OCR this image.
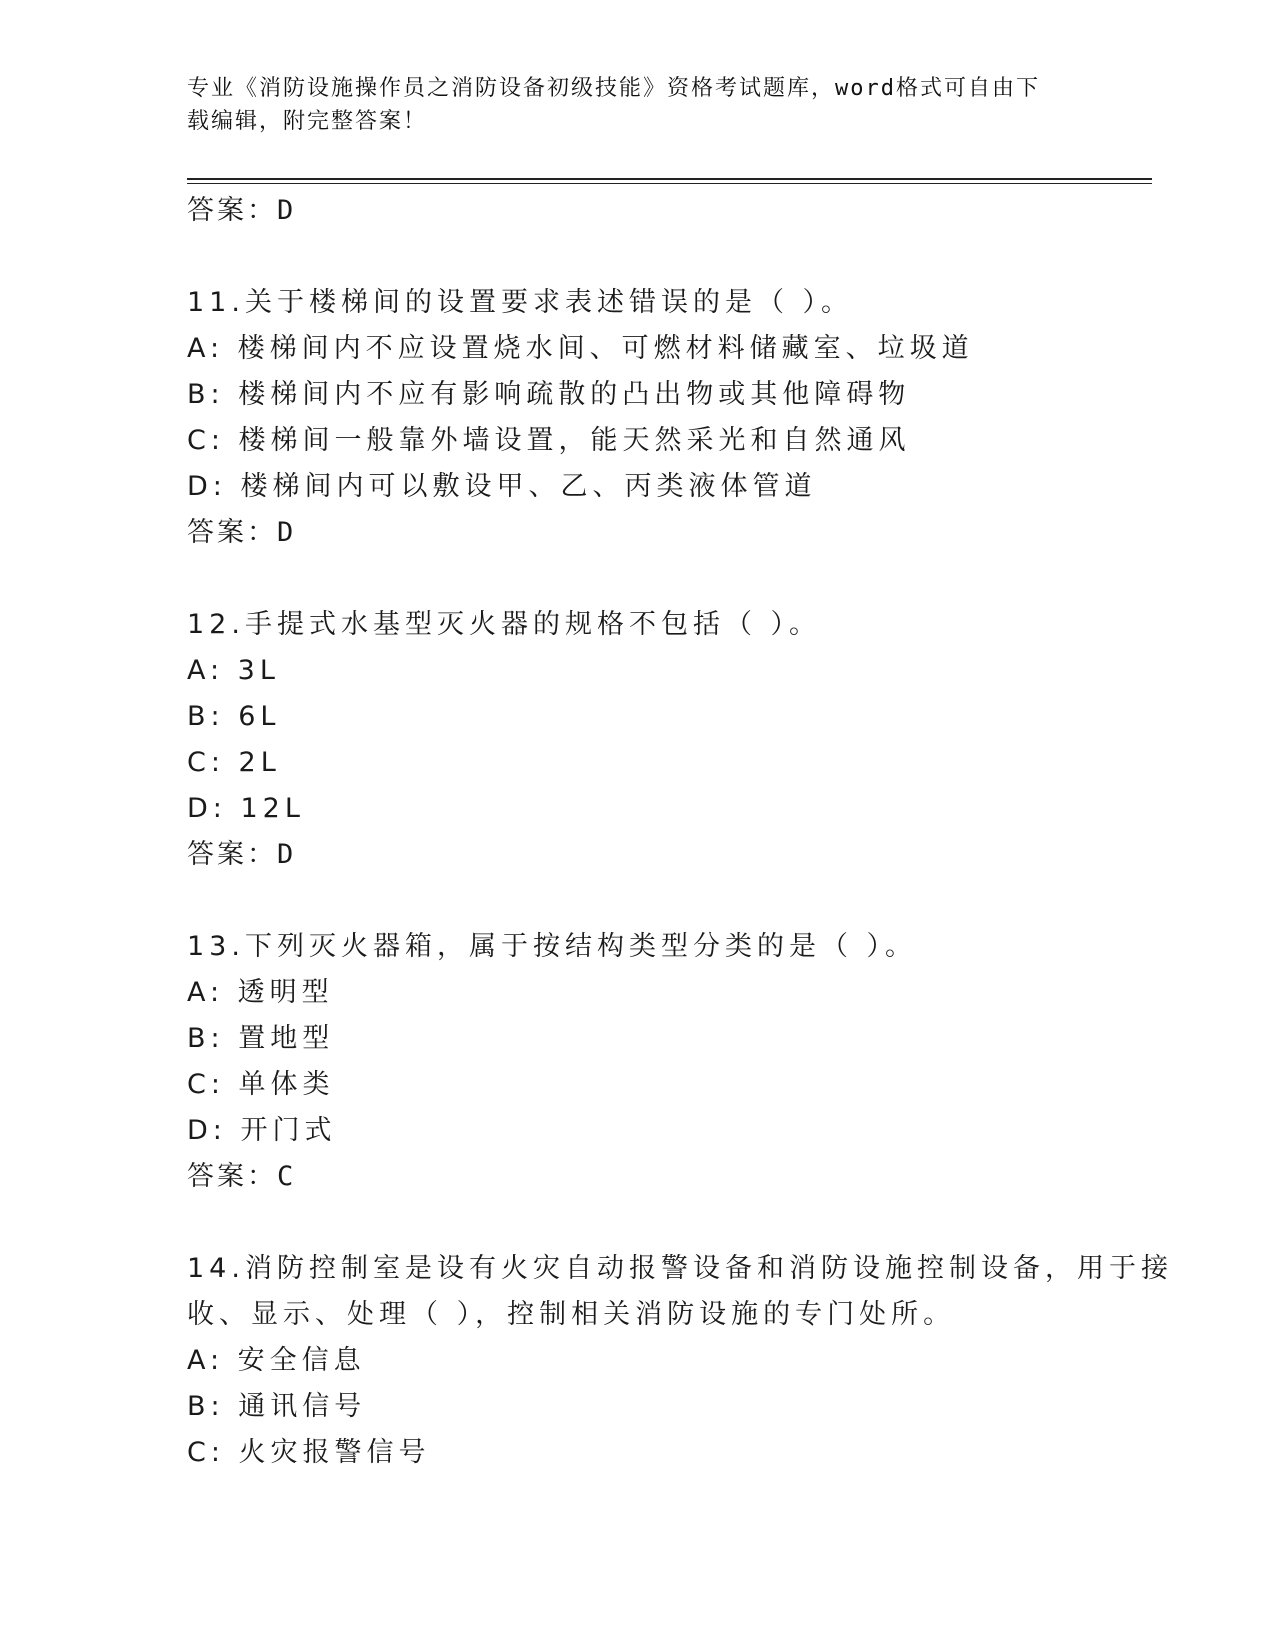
专业《消防设施操作员之消防设备初级技能》资格考试题库，word格式可自由下
载编辑，附完整答案！
答案：D
11.关于楼梯间的设置要求表述错误的是（ ）。
A: 楼梯间内不应设置烧水间、可燃材料储藏室、垃圾道
B: 楼梯间内不应有影响疏散的凸出物或其他障碍物
C: 楼梯间一般靠外墙设置，能天然采光和自然通风
D: 楼梯间内可以敷设甲、乙、丙类液体管道
答案：D
12.手提式水基型灭火器的规格不包括（ ）。
A: 3L
B: 6L
C: 2L
D: 12L
答案：D
13.下列灭火器箱，属于按结构类型分类的是（ ）。
A: 透明型
B: 置地型
C: 单体类
D: 开门式
答案：C
14.消防控制室是设有火灾自动报警设备和消防设施控制设备，用于接
收、显示、处理（ ），控制相关消防设施的专门处所。
A: 安全信息
B: 通讯信号
C: 火灾报警信号
